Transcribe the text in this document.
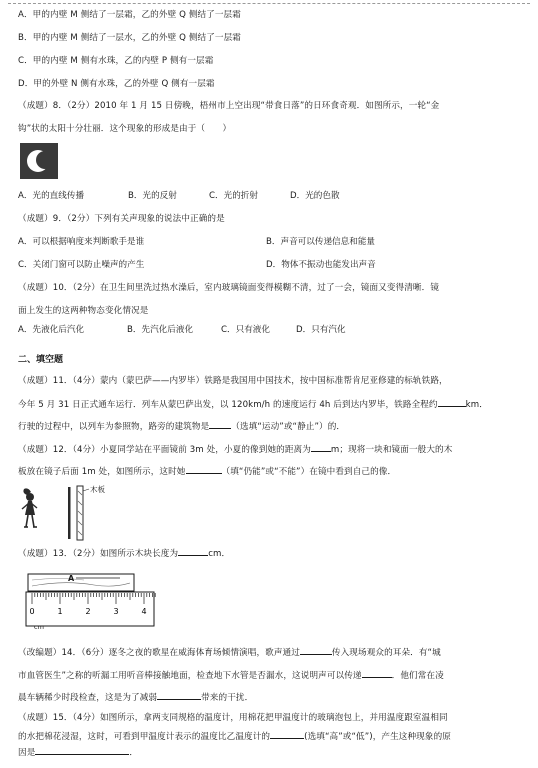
A．甲的内壁 M 侧结了一层霜，乙的外壁 Q 侧结了一层霜
B．甲的内壁 M 侧结了一层水，乙的外壁 Q 侧结了一层霜
C．甲的内壁 M 侧有水珠，乙的内壁 P 侧有一层霜
D．甲的外壁 N 侧有水珠，乙的外壁 Q 侧有一层霜
（成题）8．（2分）2010 年 1 月 15 日傍晚，梧州市上空出现“带食日落”的日环食奇观．如图所示，一轮“金
钩”状的太阳十分壮丽．这个现象的形成是由于（　　）
A．光的直线传播	B．光的反射	C．光的折射	D．光的色散
（成题）9．（2分）下列有关声现象的说法中正确的是
A．可以根据响度来判断歌手是谁	B．声音可以传递信息和能量
C．关闭门窗可以防止噪声的产生	D．物体不振动也能发出声音
（成题）10．（2分）在卫生间里洗过热水澡后，室内玻璃镜面变得模糊不清，过了一会，镜面又变得清晰．镜
面上发生的这两种物态变化情况是
A．先液化后汽化	B．先汽化后液化	C．只有液化	D．只有汽化
二、填空题
（成题）11．（4分）蒙内（蒙巴萨——内罗毕）铁路是我国用中国技术，按中国标准帮肯尼亚修建的标轨铁路，
今年 5 月 31 日正式通车运行．列车从蒙巴萨出发，以 120km/h 的速度运行 4h 后到达内罗毕，铁路全程约	km．
行驶的过程中，以列车为参照物，路旁的建筑物是	（选填“运动”或“静止”）的．
（成题）12．（4分）小夏同学站在平面镜前 3m 处，小夏的像到她的距离为 m；现将一块和镜面一般大的木
板放在镜子后面 1m 处，如图所示，这时她	（填“仍能”或“不能”）在镜中看到自己的像．
木板
（成题）13．（2分）如图所示木块长度为	cm．
0	1	2	3	4
A
cm
（改编题）14．（6分）逐冬之夜的歌星在威海体育场倾情演唱，歌声通过	传入现场观众的耳朵．有“城
市血管医生”之称的听漏工用听音棒接触地面，检查地下水管是否漏水，这说明声可以传递	．他们常在凌
晨车辆稀少时段检查，这是为了减弱	带来的干扰．
（成题）15．（4分）如图所示，拿两支同规格的温度计，用棉花把甲温度计的玻璃泡包上，并用温度跟室温相同
的水把棉花浸湿，这时，可看到甲温度计表示的温度比乙温度计的	(选填“高”或“低”)，产生这种现象的原
因是	．
